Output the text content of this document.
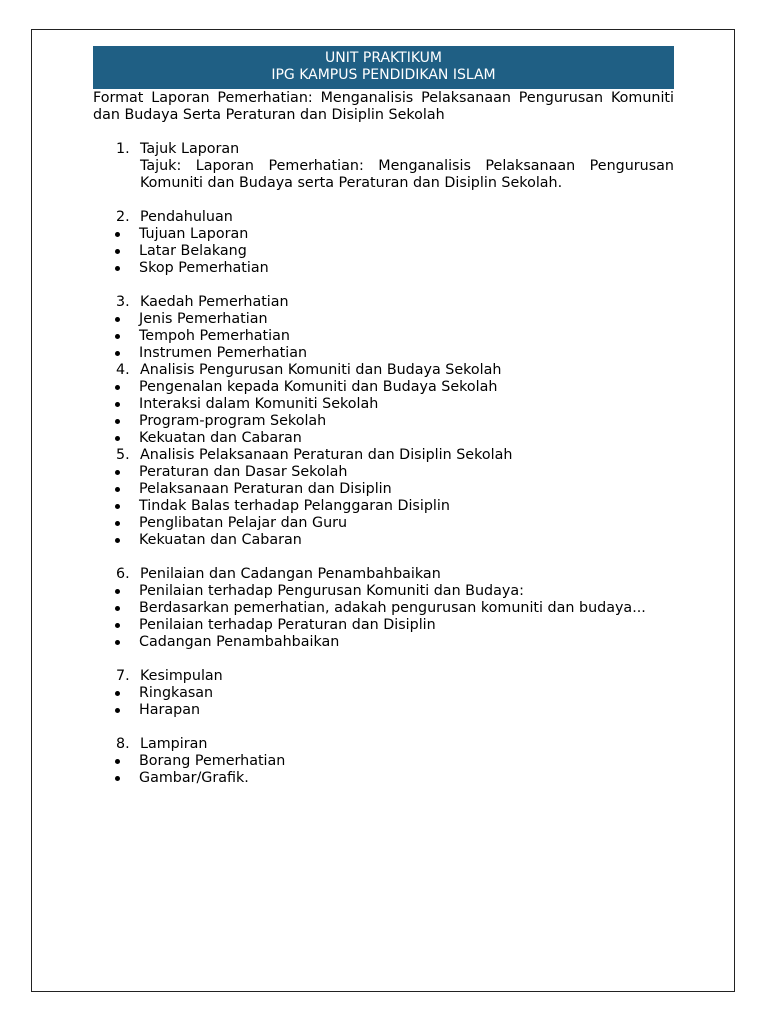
UNIT PRAKTIKUM
IPG KAMPUS PENDIDIKAN ISLAM
Format Laporan Pemerhatian: Menganalisis Pelaksanaan Pengurusan Komuniti dan Budaya Serta Peraturan dan Disiplin Sekolah
1. Tajuk Laporan
Tajuk: Laporan Pemerhatian: Menganalisis Pelaksanaan Pengurusan Komuniti dan Budaya serta Peraturan dan Disiplin Sekolah.
2. Pendahuluan
Tujuan Laporan
Latar Belakang
Skop Pemerhatian
3. Kaedah Pemerhatian
Jenis Pemerhatian
Tempoh Pemerhatian
Instrumen Pemerhatian
4. Analisis Pengurusan Komuniti dan Budaya Sekolah
Pengenalan kepada Komuniti dan Budaya Sekolah
Interaksi dalam Komuniti Sekolah
Program-program Sekolah
Kekuatan dan Cabaran
5. Analisis Pelaksanaan Peraturan dan Disiplin Sekolah
Peraturan dan Dasar Sekolah
Pelaksanaan Peraturan dan Disiplin
Tindak Balas terhadap Pelanggaran Disiplin
Penglibatan Pelajar dan Guru
Kekuatan dan Cabaran
6. Penilaian dan Cadangan Penambahbaikan
Penilaian terhadap Pengurusan Komuniti dan Budaya:
Berdasarkan pemerhatian, adakah pengurusan komuniti dan budaya...
Penilaian terhadap Peraturan dan Disiplin
Cadangan Penambahbaikan
7. Kesimpulan
Ringkasan
Harapan
8. Lampiran
Borang Pemerhatian
Gambar/Grafik.
